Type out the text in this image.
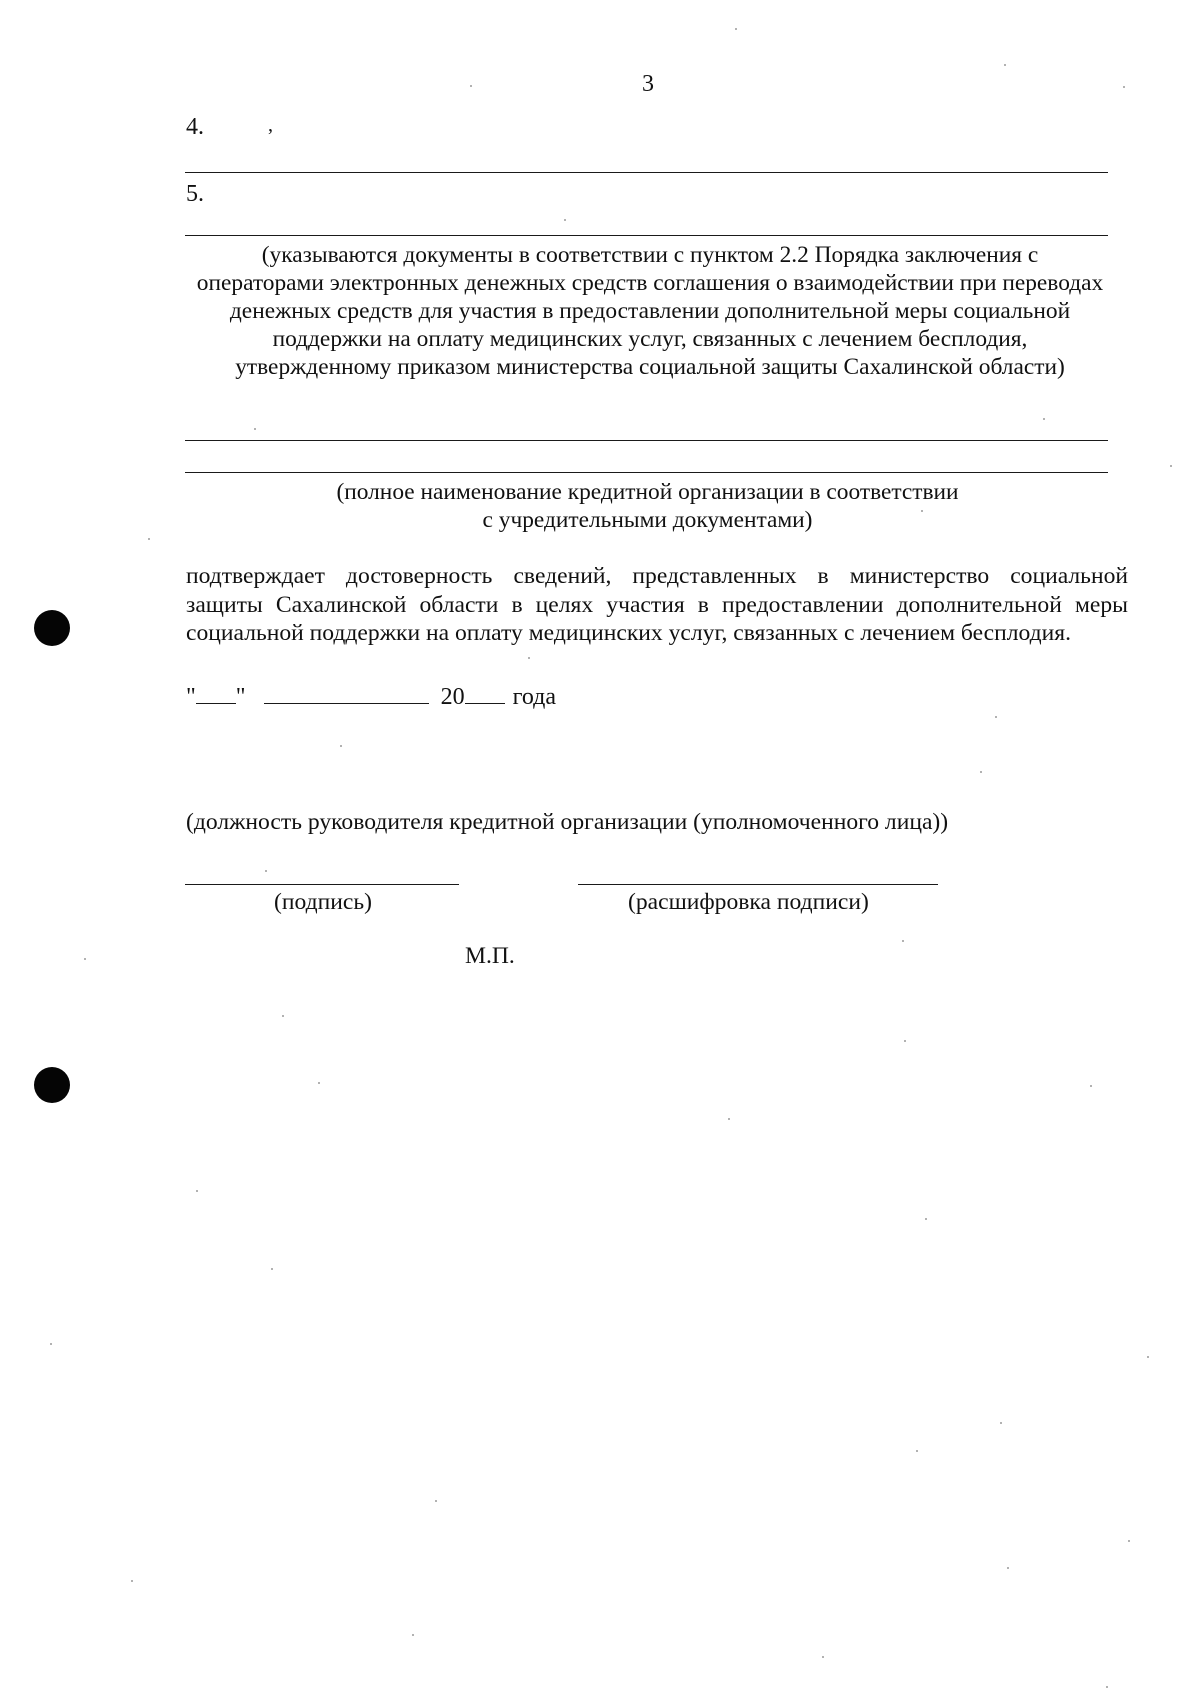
3
4.	,
5.
(указываются документы в соответствии с пунктом 2.2 Порядка заключения с
операторами электронных денежных средств соглашения о взаимодействии при переводах
денежных средств для участия в предоставлении дополнительной меры социальной
поддержки на оплату медицинских услуг, связанных с лечением бесплодия,
утвержденному приказом министерства социальной защиты Сахалинской области)
(полное наименование кредитной организации в соответствии
с учредительными документами)
подтверждает достоверность сведений, представленных в министерство социальной
защиты Сахалинской области в целях участия в предоставлении дополнительной меры
социальной поддержки на оплату медицинских услуг, связанных с лечением бесплодия.
" "	20 года
(должность руководителя кредитной организации (уполномоченного лица))
(подпись)	(расшифровка подписи)
М.П.
